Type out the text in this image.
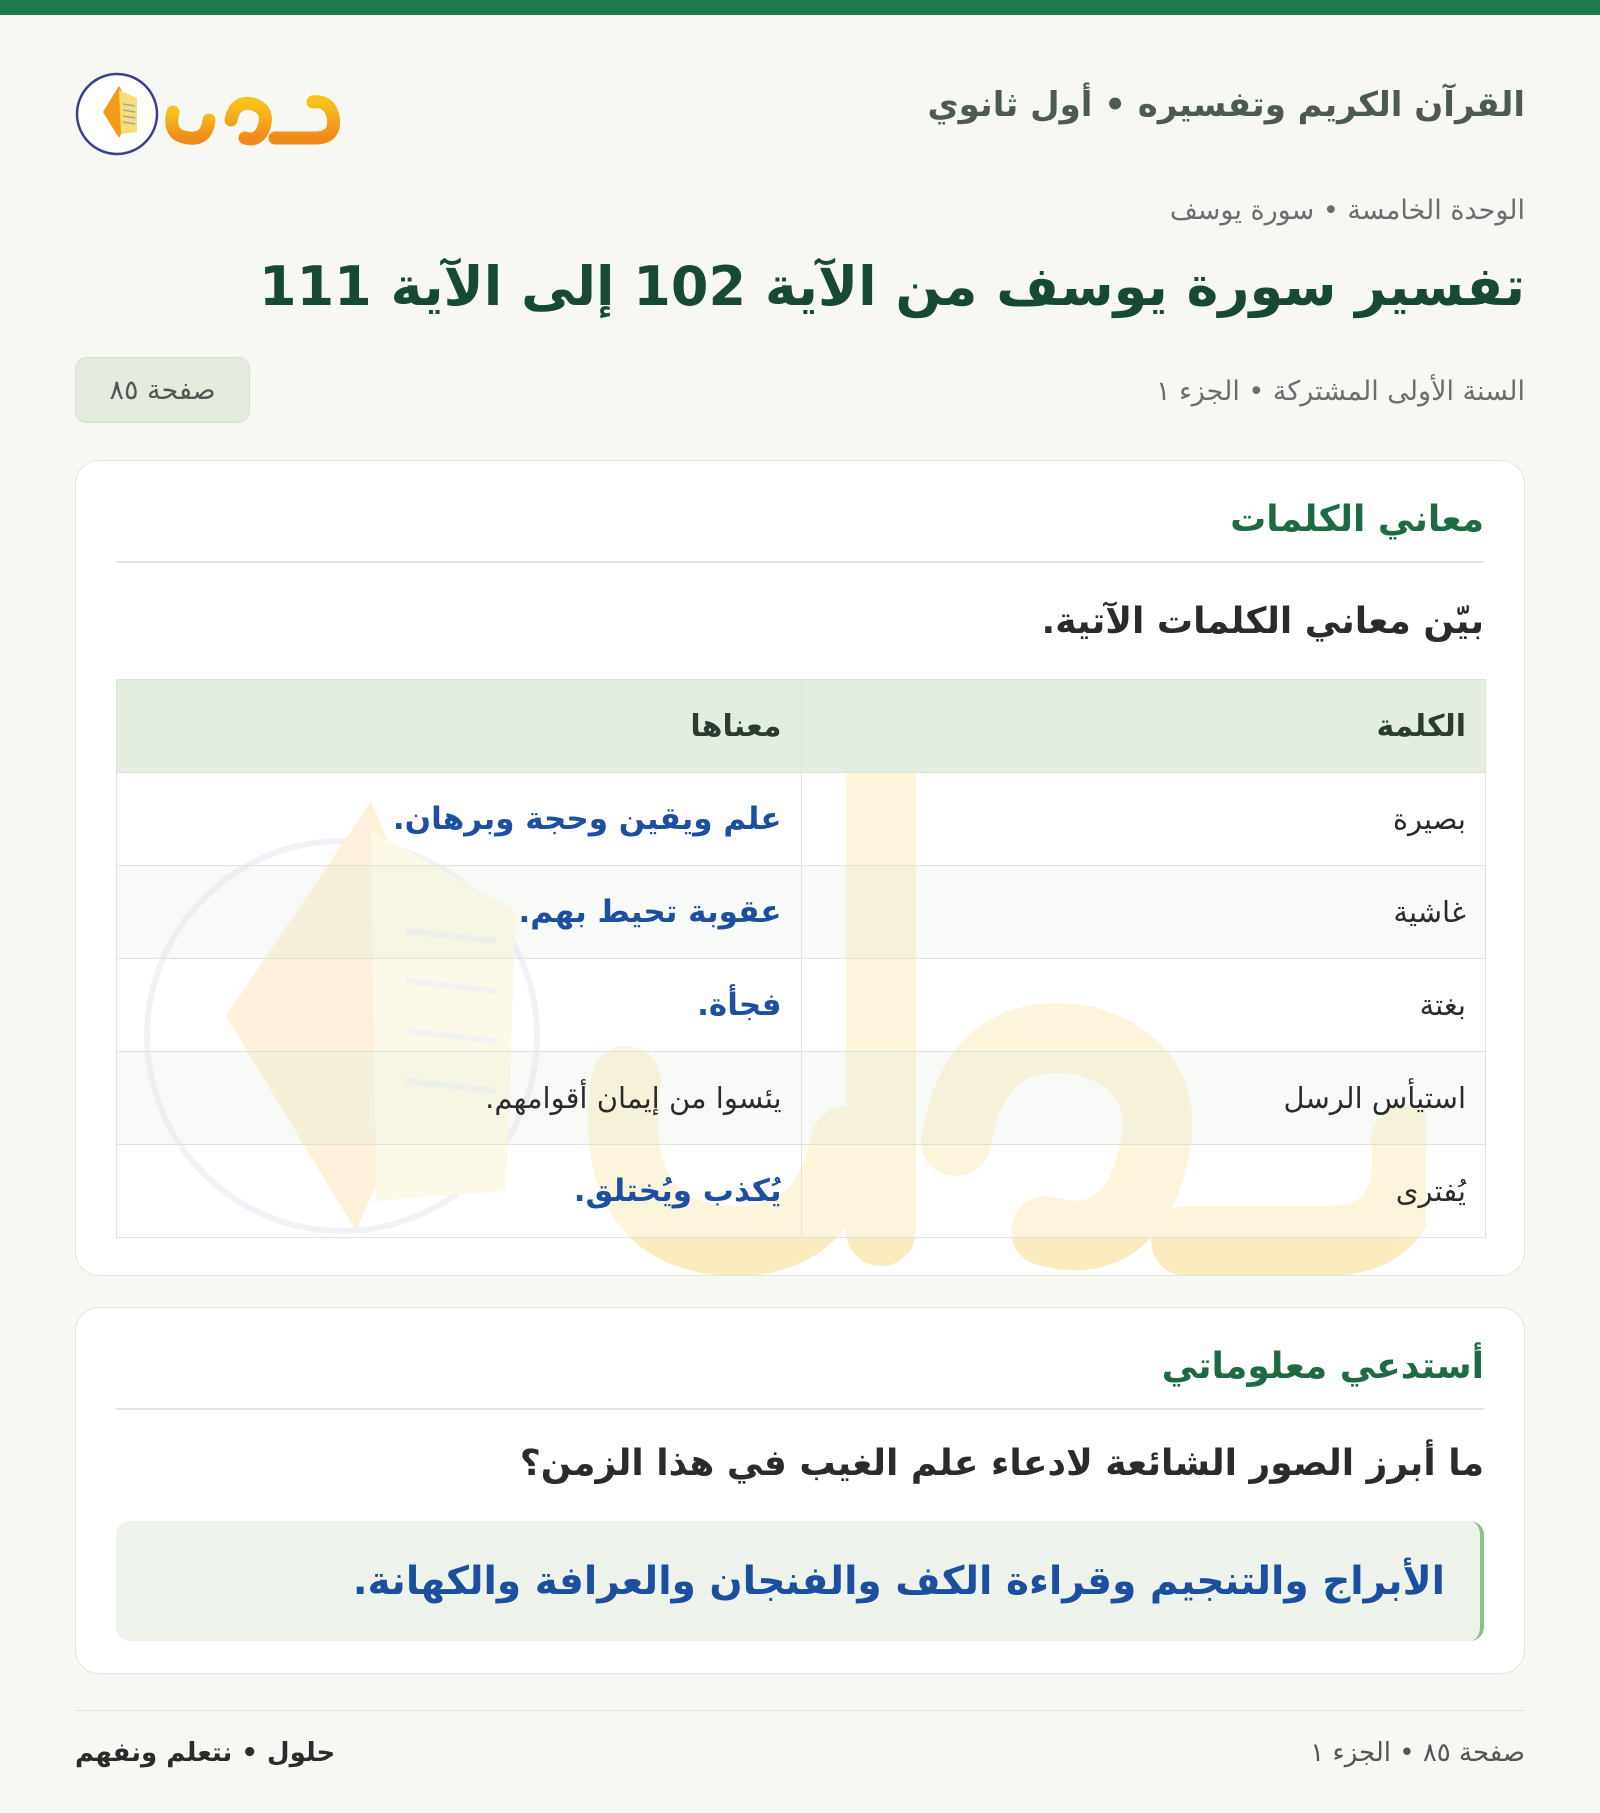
القرآن الكريم وتفسيره • أول ثانوي
الوحدة الخامسة • سورة يوسف
تفسير سورة يوسف من الآية 102 إلى الآية 111
السنة الأولى المشتركة • الجزء ١
صفحة ٨٥
معاني الكلمات
بيّن معاني الكلمات الآتية.
الكلمة	معناها
بصيرة	علم ويقين وحجة وبرهان.
غاشية	عقوبة تحيط بهم.
بغتة	فجأة.
استيأس الرسل	يئسوا من إيمان أقوامهم.
يُفترى	يُكذب ويُختلق.
أستدعي معلوماتي
ما أبرز الصور الشائعة لادعاء علم الغيب في هذا الزمن؟
الأبراج والتنجيم وقراءة الكف والفنجان والعرافة والكهانة.
حلول • نتعلم ونفهم	صفحة ٨٥ • الجزء ١
